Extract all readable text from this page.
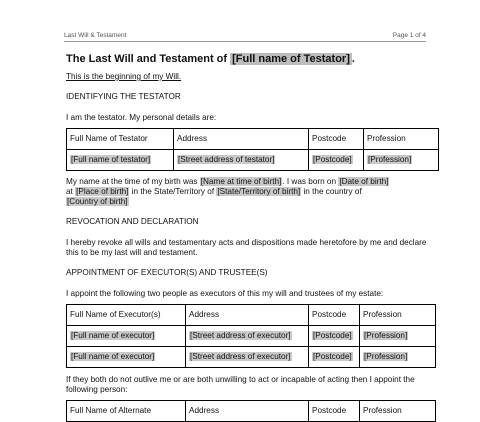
Last Will & Testament	Page 1 of 4
The Last Will and Testament of [Full name of Testator] .

This is the beginning of my Will.

IDENTIFYING THE TESTATOR

I am the testator. My personal details are:

Full Name of Testator	Address	Postcode	Profession
[Full name of testator]	[Street address of testator]	[Postcode]	[Profession]

My name at the time of my birth was [Name at time of birth]. I was born on [Date of birth]
at [Place of birth] in the State/Territory of [State/Territory of birth] in the country of
[Country of birth]

REVOCATION AND DECLARATION

I hereby revoke all wills and testamentary acts and dispositions made heretofore by me and declare this to be my last will and testament.

APPOINTMENT OF EXECUTOR(S) AND TRUSTEE(S)

I appoint the following two people as executors of this my will and trustees of my estate:

Full Name of Executor(s)	Address	Postcode	Profession
[Full name of executor]	[Street address of executor]	[Postcode]	[Profession]
[Full name of executor]	[Street address of executor]	[Postcode]	[Profession]

If they both do not outlive me or are both unwilling to act or incapable of acting then I appoint the following person:

Full Name of Alternate	Address	Postcode	Profession
